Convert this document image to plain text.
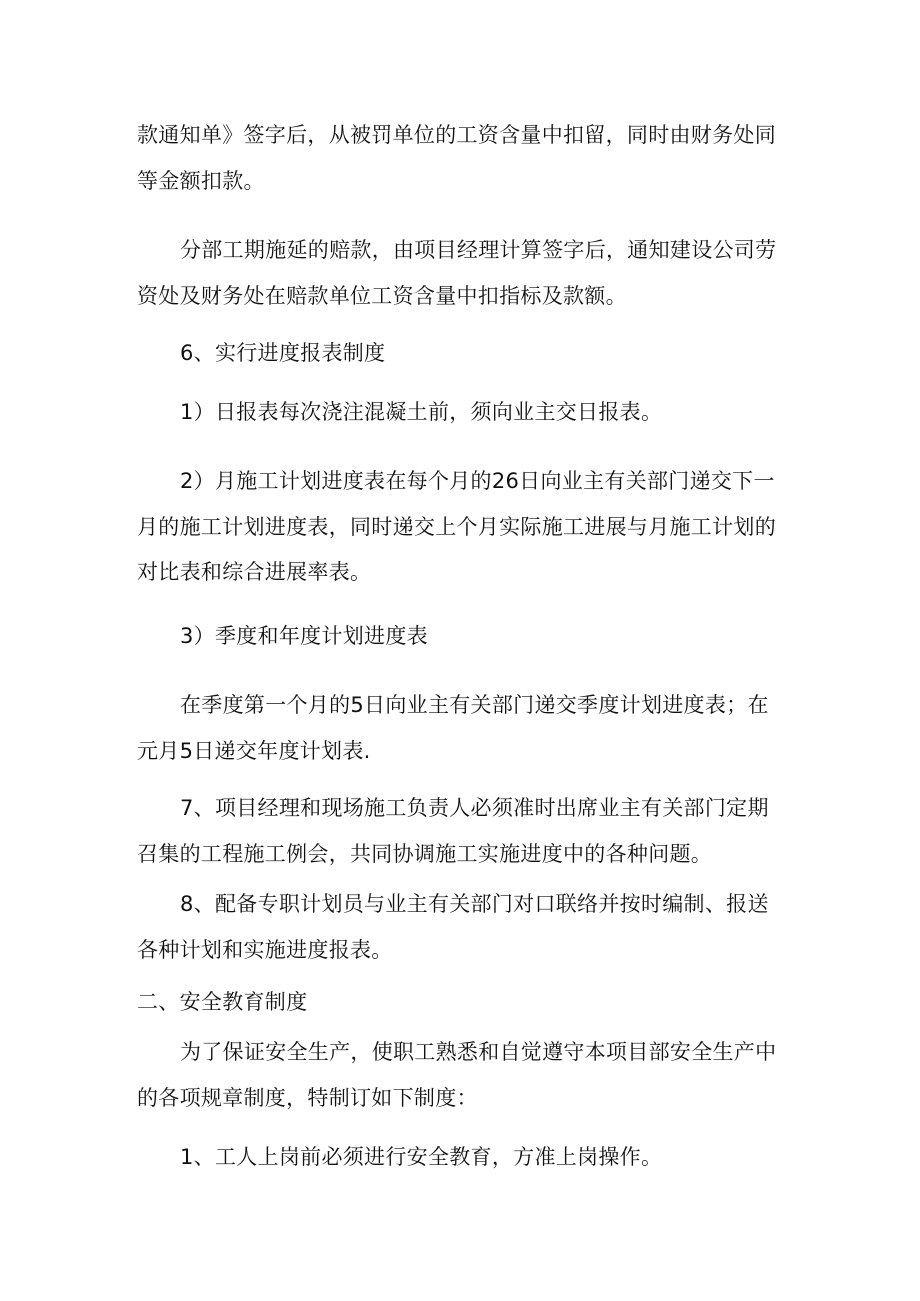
款通知单》签字后，从被罚单位的工资含量中扣留，同时由财务处同等金额扣款。

分部工期施延的赔款，由项目经理计算签字后，通知建设公司劳资处及财务处在赔款单位工资含量中扣指标及款额。

6、实行进度报表制度

1）日报表每次浇注混凝土前，须向业主交日报表。

2）月施工计划进度表在每个月的26日向业主有关部门递交下一月的施工计划进度表，同时递交上个月实际施工进展与月施工计划的对比表和综合进展率表。

3）季度和年度计划进度表

在季度第一个月的5日向业主有关部门递交季度计划进度表；在元月5日递交年度计划表.

7、项目经理和现场施工负责人必须准时出席业主有关部门定期召集的工程施工例会，共同协调施工实施进度中的各种问题。

8、配备专职计划员与业主有关部门对口联络并按时编制、报送各种计划和实施进度报表。

二、安全教育制度

为了保证安全生产，使职工熟悉和自觉遵守本项目部安全生产中的各项规章制度，特制订如下制度：

1、工人上岗前必须进行安全教育，方准上岗操作。
